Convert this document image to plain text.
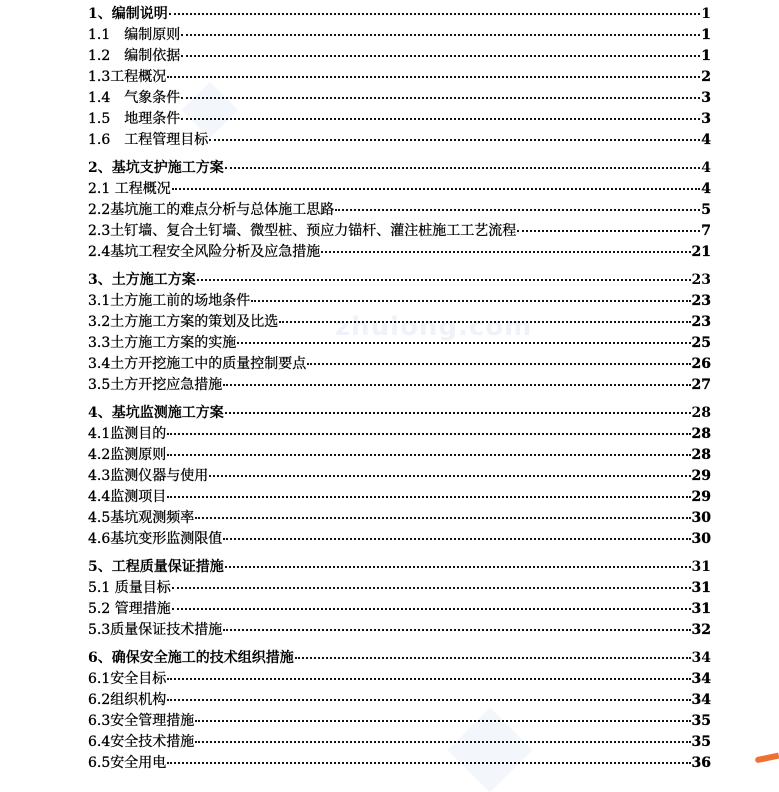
zhulong.com
1、编制说明	1
1.1　编制原则	1
1.2　编制依据	1
1.3工程概况	2
1.4　气象条件	3
1.5　地理条件	3
1.6　工程管理目标	4
2、基坑支护施工方案	4
2.1 工程概况	4
2.2基坑施工的难点分析与总体施工思路	5
2.3土钉墙、复合土钉墙、微型桩、预应力锚杆、灌注桩施工工艺流程	7
2.4基坑工程安全风险分析及应急措施	21
3、土方施工方案	23
3.1土方施工前的场地条件	23
3.2土方施工方案的策划及比选	23
3.3土方施工方案的实施	25
3.4土方开挖施工中的质量控制要点	26
3.5土方开挖应急措施	27
4、基坑监测施工方案	28
4.1监测目的	28
4.2监测原则	28
4.3监测仪器与使用	29
4.4监测项目	29
4.5基坑观测频率	30
4.6基坑变形监测限值	30
5、工程质量保证措施	31
5.1 质量目标	31
5.2 管理措施	31
5.3质量保证技术措施	32
6、确保安全施工的技术组织措施	34
6.1安全目标	34
6.2组织机构	34
6.3安全管理措施	35
6.4安全技术措施	35
6.5安全用电	36
